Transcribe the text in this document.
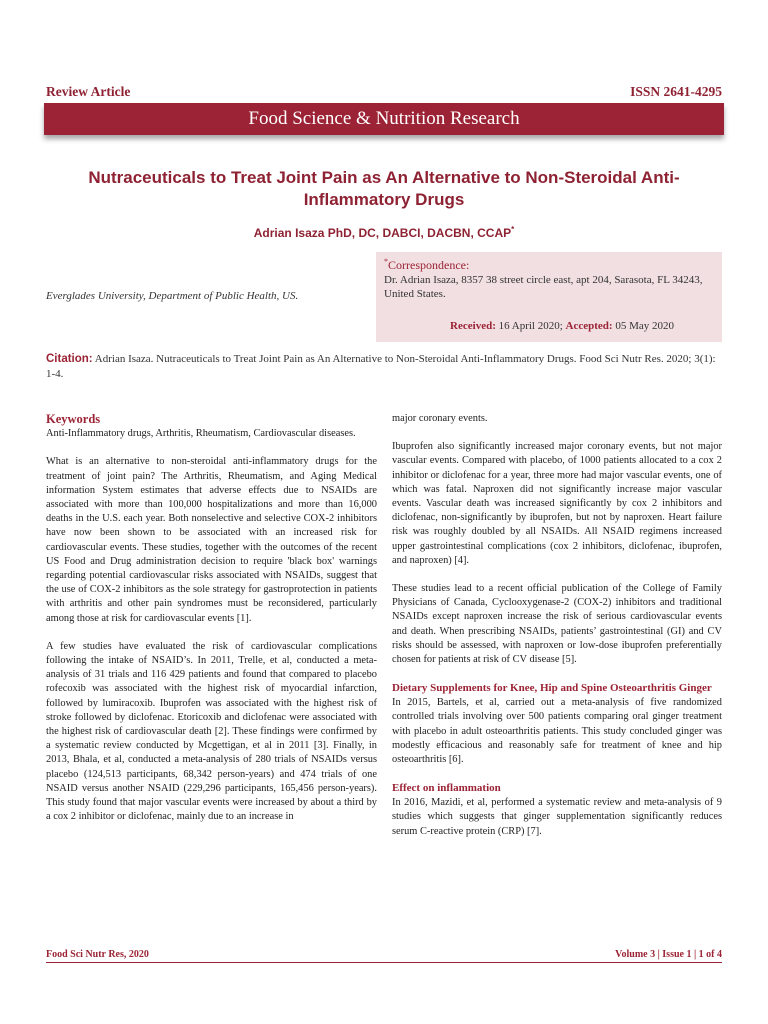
Review Article	ISSN 2641-4295
Food Science & Nutrition Research
Nutraceuticals to Treat Joint Pain as An Alternative to Non-Steroidal Anti-Inflammatory Drugs
Adrian Isaza PhD, DC, DABCI, DACBN, CCAP*
Everglades University, Department of Public Health, US.
*Correspondence:
Dr. Adrian Isaza, 8357 38 street circle east, apt 204, Sarasota, FL 34243, United States.
Received: 16 April 2020; Accepted: 05 May 2020
Citation: Adrian Isaza. Nutraceuticals to Treat Joint Pain as An Alternative to Non-Steroidal Anti-Inflammatory Drugs. Food Sci Nutr Res. 2020; 3(1): 1-4.
Keywords

Anti-Inflammatory drugs, Arthritis, Rheumatism, Cardiovascular diseases.

What is an alternative to non-steroidal anti-inflammatory drugs for the treatment of joint pain? The Arthritis, Rheumatism, and Aging Medical information System estimates that adverse effects due to NSAIDs are associated with more than 100,000 hospitalizations and more than 16,000 deaths in the U.S. each year. Both nonselective and selective COX-2 inhibitors have now been shown to be associated with an increased risk for cardiovascular events. These studies, together with the outcomes of the recent US Food and Drug administration decision to require 'black box' warnings regarding potential cardiovascular risks associated with NSAIDs, suggest that the use of COX-2 inhibitors as the sole strategy for gastroprotection in patients with arthritis and other pain syndromes must be reconsidered, particularly among those at risk for cardiovascular events [1].

A few studies have evaluated the risk of cardiovascular complications following the intake of NSAID’s. In 2011, Trelle, et al, conducted a meta-analysis of 31 trials and 116 429 patients and found that compared to placebo rofecoxib was associated with the highest risk of myocardial infarction, followed by lumiracoxib. Ibuprofen was associated with the highest risk of stroke followed by diclofenac. Etoricoxib and diclofenac were associated with the highest risk of cardiovascular death [2]. These findings were confirmed by a systematic review conducted by Mcgettigan, et al in 2011 [3]. Finally, in 2013, Bhala, et al, conducted a meta-analysis of 280 trials of NSAIDs versus placebo (124,513 participants, 68,342 person-years) and 474 trials of one NSAID versus another NSAID (229,296 participants, 165,456 person-years). This study found that major vascular events were increased by about a third by a cox 2 inhibitor or diclofenac, mainly due to an increase in

major coronary events.

Ibuprofen also significantly increased major coronary events, but not major vascular events. Compared with placebo, of 1000 patients allocated to a cox 2 inhibitor or diclofenac for a year, three more had major vascular events, one of which was fatal. Naproxen did not significantly increase major vascular events. Vascular death was increased significantly by cox 2 inhibitors and diclofenac, non-significantly by ibuprofen, but not by naproxen. Heart failure risk was roughly doubled by all NSAIDs. All NSAID regimens increased upper gastrointestinal complications (cox 2 inhibitors, diclofenac, ibuprofen, and naproxen) [4].

These studies lead to a recent official publication of the College of Family Physicians of Canada, Cyclooxygenase-2 (COX-2) inhibitors and traditional NSAIDs except naproxen increase the risk of serious cardiovascular events and death. When prescribing NSAIDs, patients’ gastrointestinal (GI) and CV risks should be assessed, with naproxen or low-dose ibuprofen preferentially chosen for patients at risk of CV disease [5].

Dietary Supplements for Knee, Hip and Spine Osteoarthritis Ginger

In 2015, Bartels, et al, carried out a meta-analysis of five randomized controlled trials involving over 500 patients comparing oral ginger treatment with placebo in adult osteoarthritis patients. This study concluded ginger was modestly efficacious and reasonably safe for treatment of knee and hip osteoarthritis [6].

Effect on inflammation

In 2016, Mazidi, et al, performed a systematic review and meta-analysis of 9 studies which suggests that ginger supplementation significantly reduces serum C-reactive protein (CRP) [7].

Food Sci Nutr Res, 2020	Volume 3 | Issue 1 | 1 of 4
